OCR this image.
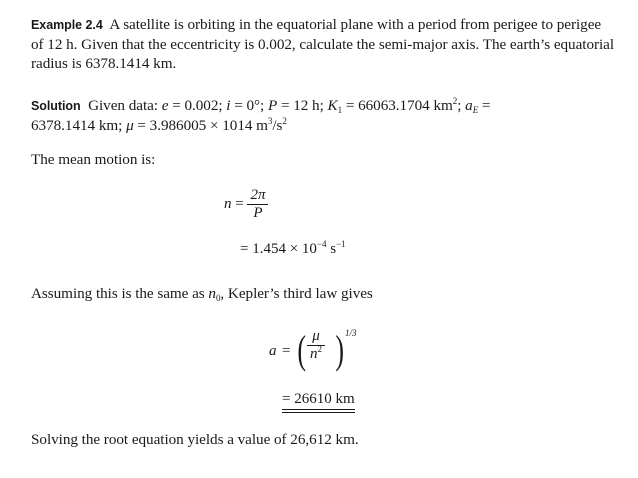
Example 2.4 A satellite is orbiting in the equatorial plane with a period from perigee to perigee of 12 h. Given that the eccentricity is 0.002, calculate the semi-major axis. The earth’s equatorial radius is 6378.1414 km.
Solution Given data: e = 0.002; i = 0°; P = 12 h; $K_1 = 66063.1704$ $km^2$; $a_E$ =
6378.1414 km; μ = 3.986005 × 1014 $m^3/s^2$
The mean motion is:
$n = \frac{2\pi}{P}$
= $1.454 \times 10^{-4}$ $s^{-1}$
Assuming this is the same as $n_0$, Kepler’s third law gives
a = ( $\frac{\mu}{n^2}$ ) 1/3
= 26610 km
Solving the root equation yields a value of 26,612 km.
